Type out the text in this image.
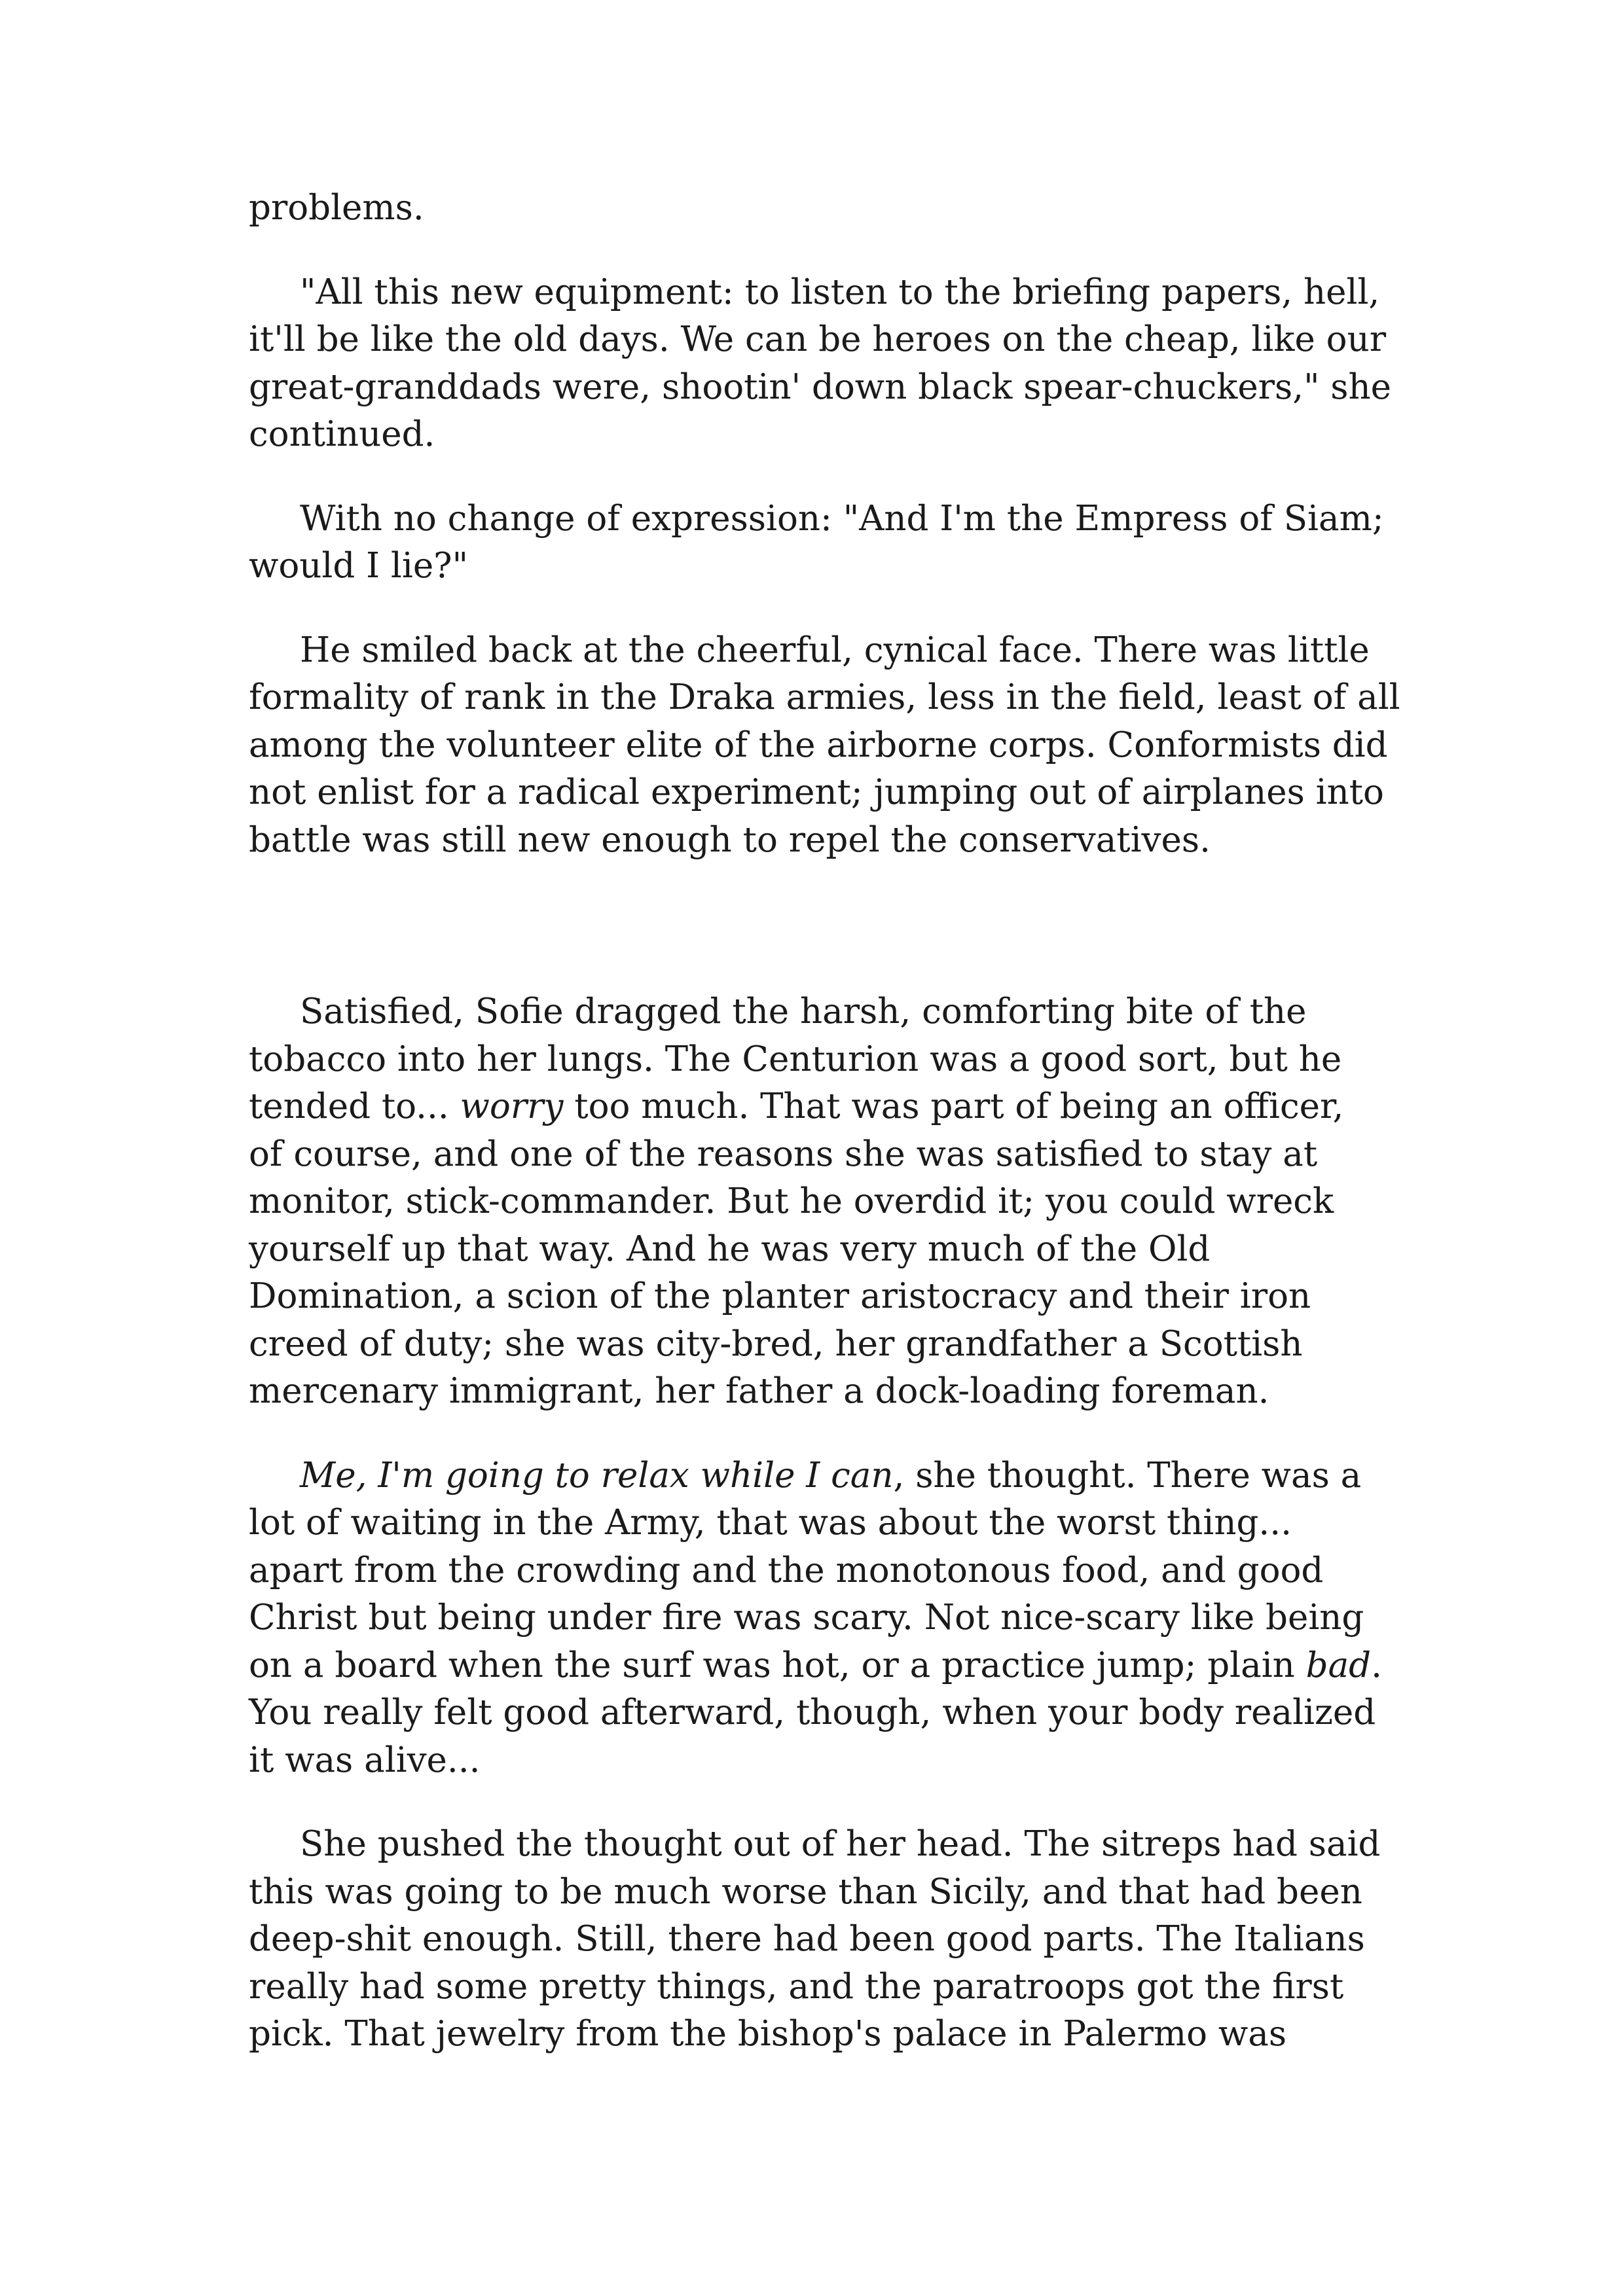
problems.

"All this new equipment: to listen to the briefing papers, hell,
it'll be like the old days. We can be heroes on the cheap, like our
great-granddads were, shootin' down black spear-chuckers," she
continued.

With no change of expression: "And I'm the Empress of Siam;
would I lie?"

He smiled back at the cheerful, cynical face. There was little
formality of rank in the Draka armies, less in the field, least of all
among the volunteer elite of the airborne corps. Conformists did
not enlist for a radical experiment; jumping out of airplanes into
battle was still new enough to repel the conservatives.

Satisfied, Sofie dragged the harsh, comforting bite of the
tobacco into her lungs. The Centurion was a good sort, but he
tended to... worry too much. That was part of being an officer,
of course, and one of the reasons she was satisfied to stay at
monitor, stick-commander. But he overdid it; you could wreck
yourself up that way. And he was very much of the Old
Domination, a scion of the planter aristocracy and their iron
creed of duty; she was city-bred, her grandfather a Scottish
mercenary immigrant, her father a dock-loading foreman.

Me, I'm going to relax while I can, she thought. There was a
lot of waiting in the Army, that was about the worst thing...
apart from the crowding and the monotonous food, and good
Christ but being under fire was scary. Not nice-scary like being
on a board when the surf was hot, or a practice jump; plain bad.
You really felt good afterward, though, when your body realized
it was alive...

She pushed the thought out of her head. The sitreps had said
this was going to be much worse than Sicily, and that had been
deep-shit enough. Still, there had been good parts. The Italians
really had some pretty things, and the paratroops got the first
pick. That jewelry from the bishop's palace in Palermo was
